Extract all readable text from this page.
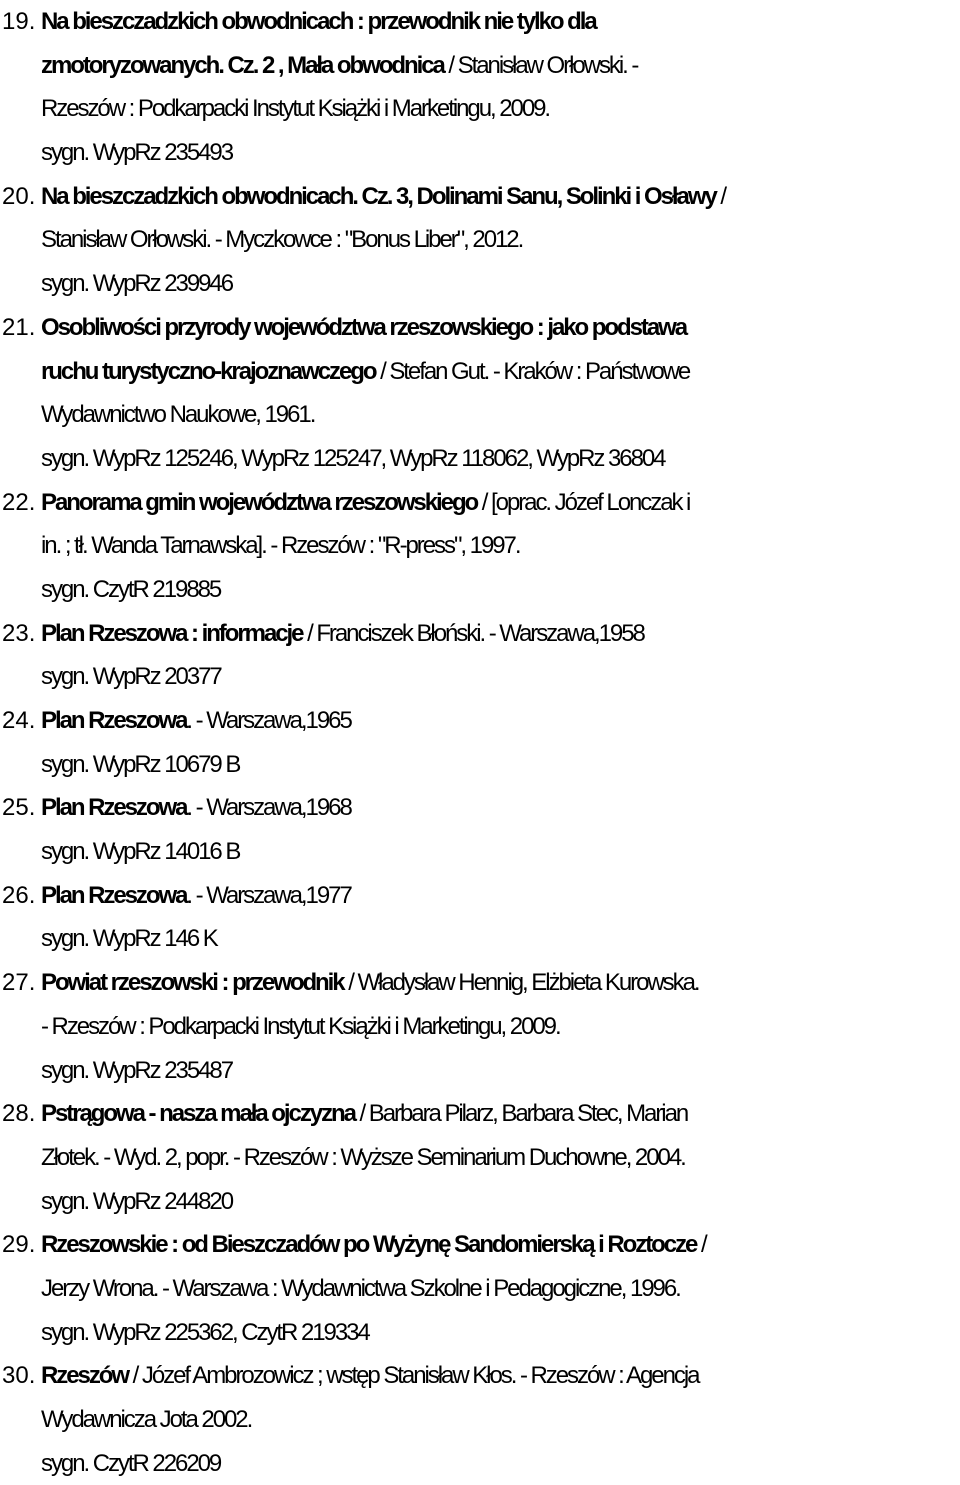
19. Na bieszczadzkich obwodnicach : przewodnik nie tylko dla
zmotoryzowanych. Cz. 2 , Mała obwodnica / Stanisław Orłowski. -
Rzeszów : Podkarpacki Instytut Książki i Marketingu, 2009.
sygn. WypRz 235493
20. Na bieszczadzkich obwodnicach. Cz. 3, Dolinami Sanu, Solinki i Osławy /
Stanisław Orłowski. - Myczkowce : "Bonus Liber", 2012.
sygn. WypRz 239946
21. Osobliwości przyrody województwa rzeszowskiego : jako podstawa
ruchu turystyczno-krajoznawczego / Stefan Gut. - Kraków : Państwowe
Wydawnictwo Naukowe, 1961.
sygn. WypRz 125246, WypRz 125247, WypRz 118062, WypRz 36804
22. Panorama gmin województwa rzeszowskiego / [oprac. Józef Lonczak i
in. ; tł. Wanda Tarnawska]. - Rzeszów : "R-press", 1997.
sygn. CzytR 219885
23. Plan Rzeszowa : informacje / Franciszek Błoński. - Warszawa,1958
sygn. WypRz 20377
24. Plan Rzeszowa. - Warszawa,1965
sygn. WypRz 10679 B
25. Plan Rzeszowa. - Warszawa,1968
sygn. WypRz 14016 B
26. Plan Rzeszowa. - Warszawa,1977
sygn. WypRz 146 K
27. Powiat rzeszowski : przewodnik / Władysław Hennig, Elżbieta Kurowska.
- Rzeszów : Podkarpacki Instytut Książki i Marketingu, 2009.
sygn. WypRz 235487
28. Pstrągowa - nasza mała ojczyzna / Barbara Pilarz, Barbara Stec, Marian
Złotek. - Wyd. 2, popr. - Rzeszów : Wyższe Seminarium Duchowne, 2004.
sygn. WypRz 244820
29. Rzeszowskie : od Bieszczadów po Wyżynę Sandomierską i Roztocze /
Jerzy Wrona. - Warszawa : Wydawnictwa Szkolne i Pedagogiczne, 1996.
sygn. WypRz 225362, CzytR 219334
30. Rzeszów / Józef Ambrozowicz ; wstęp Stanisław Kłos. - Rzeszów : Agencja
Wydawnicza Jota 2002.
sygn. CzytR 226209
